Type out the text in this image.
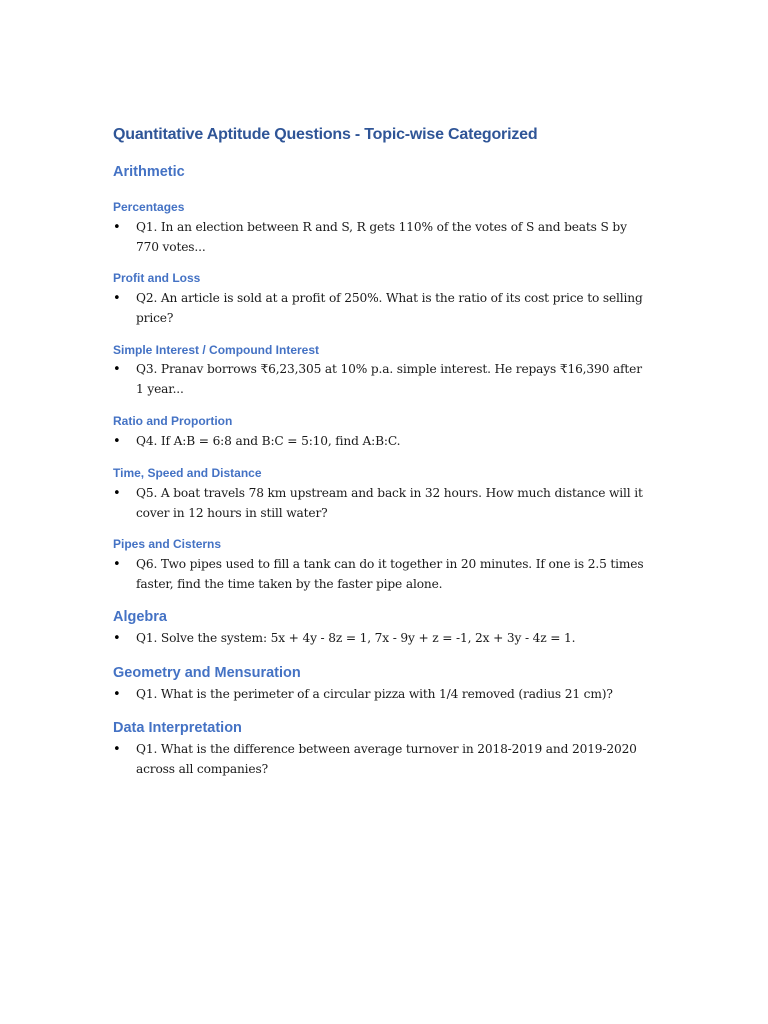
Quantitative Aptitude Questions - Topic-wise Categorized
Arithmetic
Percentages
• Q1. In an election between R and S, R gets 110% of the votes of S and beats S by 770 votes...
Profit and Loss
• Q2. An article is sold at a profit of 250%. What is the ratio of its cost price to selling price?
Simple Interest / Compound Interest
• Q3. Pranav borrows ₹6,23,305 at 10% p.a. simple interest. He repays ₹16,390 after 1 year...
Ratio and Proportion
• Q4. If A:B = 6:8 and B:C = 5:10, find A:B:C.
Time, Speed and Distance
• Q5. A boat travels 78 km upstream and back in 32 hours. How much distance will it cover in 12 hours in still water?
Pipes and Cisterns
• Q6. Two pipes used to fill a tank can do it together in 20 minutes. If one is 2.5 times faster, find the time taken by the faster pipe alone.
Algebra
• Q1. Solve the system: 5x + 4y - 8z = 1, 7x - 9y + z = -1, 2x + 3y - 4z = 1.
Geometry and Mensuration
• Q1. What is the perimeter of a circular pizza with 1/4 removed (radius 21 cm)?
Data Interpretation
• Q1. What is the difference between average turnover in 2018-2019 and 2019-2020 across all companies?
